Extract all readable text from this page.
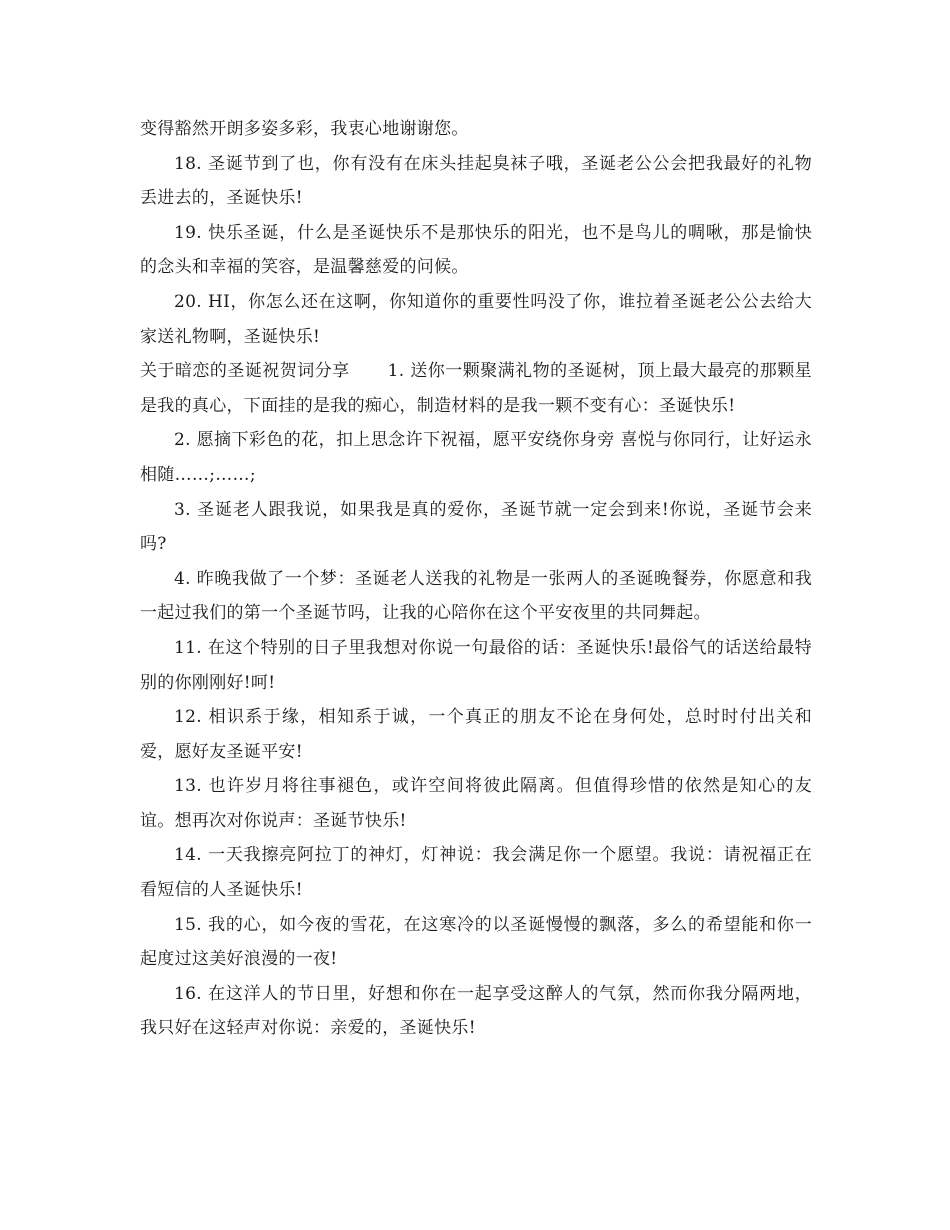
变得豁然开朗多姿多彩，我衷心地谢谢您。

18. 圣诞节到了也，你有没有在床头挂起臭袜子哦，圣诞老公公会把我最好的礼物丢进去的，圣诞快乐!

19. 快乐圣诞，什么是圣诞快乐不是那快乐的阳光，也不是鸟儿的啁啾，那是愉快的念头和幸福的笑容，是温馨慈爱的问候。

20. HI，你怎么还在这啊，你知道你的重要性吗没了你，谁拉着圣诞老公公去给大家送礼物啊，圣诞快乐!

关于暗恋的圣诞祝贺词分享 1. 送你一颗聚满礼物的圣诞树，顶上最大最亮的那颗星是我的真心，下面挂的是我的痴心，制造材料的是我一颗不变有心：圣诞快乐!

2. 愿摘下彩色的花，扣上思念许下祝福，愿平安绕你身旁 喜悦与你同行，让好运永相随……;……;

3. 圣诞老人跟我说，如果我是真的爱你，圣诞节就一定会到来!你说，圣诞节会来吗?

4. 昨晚我做了一个梦：圣诞老人送我的礼物是一张两人的圣诞晚餐券，你愿意和我一起过我们的第一个圣诞节吗，让我的心陪你在这个平安夜里的共同舞起。

11. 在这个特别的日子里我想对你说一句最俗的话：圣诞快乐!最俗气的话送给最特别的你刚刚好!呵!

12. 相识系于缘，相知系于诚，一个真正的朋友不论在身何处，总时时付出关和爱，愿好友圣诞平安!

13. 也许岁月将往事褪色，或许空间将彼此隔离。但值得珍惜的依然是知心的友谊。想再次对你说声：圣诞节快乐!

14. 一天我擦亮阿拉丁的神灯，灯神说：我会满足你一个愿望。我说：请祝福正在看短信的人圣诞快乐!

15. 我的心，如今夜的雪花，在这寒冷的以圣诞慢慢的飘落，多么的希望能和你一起度过这美好浪漫的一夜!

16. 在这洋人的节日里，好想和你在一起享受这醉人的气氛，然而你我分隔两地，我只好在这轻声对你说：亲爱的，圣诞快乐!
